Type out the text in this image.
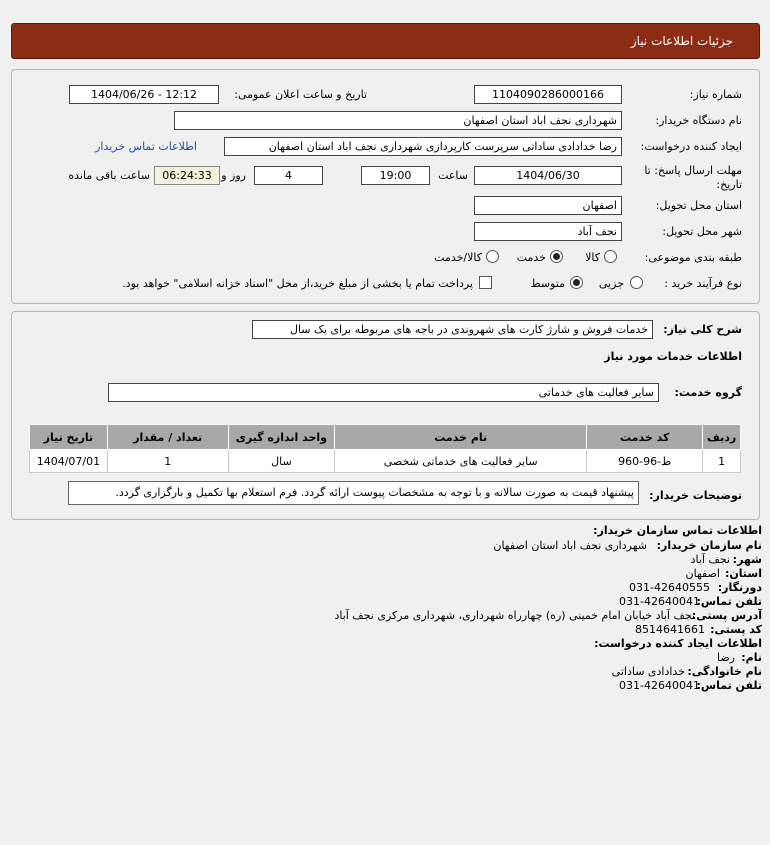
جزئیات اطلاعات نیاز
شماره نیاز:
1104090286000166
تاریخ و ساعت اعلان عمومی:
1404/06/26 - 12:12
نام دستگاه خریدار:
شهرداری نجف اباد استان اصفهان
ایجاد کننده درخواست:
رضا خدادادی ساداتی سرپرست کارپردازی شهرداری نجف اباد استان اصفهان
اطلاعات تماس خریدار
مهلت ارسال پاسخ: تا تاریخ:
1404/06/30
ساعت
19:00
4
روز و
06:24:33
ساعت باقی مانده
استان محل تحویل:
اصفهان
شهر محل تحویل:
نجف آباد
طبقه بندی موضوعی:
کالا
خدمت
کالا/خدمت
نوع فرآیند خرید :
جزیی
متوسط
پرداخت تمام یا بخشی از مبلغ خرید،از محل "اسناد خزانه اسلامی" خواهد بود.
شرح کلی نیاز:
خدمات فروش و شارژ کارت های شهروندی در باجه های مربوطه برای یک سال
اطلاعات خدمات مورد نیاز
گروه خدمت:
سایر فعالیت های خدماتی
تاریخ نیاز	تعداد / مقدار	واحد اندازه گیری	نام خدمت	کد خدمت	ردیف
1404/07/01	1	سال	سایر فعالیت های خدماتی شخصی	ط-96-960	1
توضیحات خریدار:
پیشنهاد قیمت به صورت سالانه و با توجه به مشخصات پیوست ارائه گردد. فرم استعلام بها تکمیل و بارگزاری گردد.
اطلاعات تماس سازمان خریدار:
نام سازمان خریدار:
شهرداری نجف اباد استان اصفهان
شهر:
نجف آباد
استان:
اصفهان
دورنگار:
031-42640555
تلفن تماس:
031-42640041
آدرس پستی:
نجف آباد خیابان امام خمینی (ره) چهارراه شهرداری، شهرداری مرکزی نجف آباد
کد پستی:
8514641661
اطلاعات ایجاد کننده درخواست:
نام:
رضا
نام خانوادگی:
خدادادی ساداتی
تلفن تماس:
031-42640041
